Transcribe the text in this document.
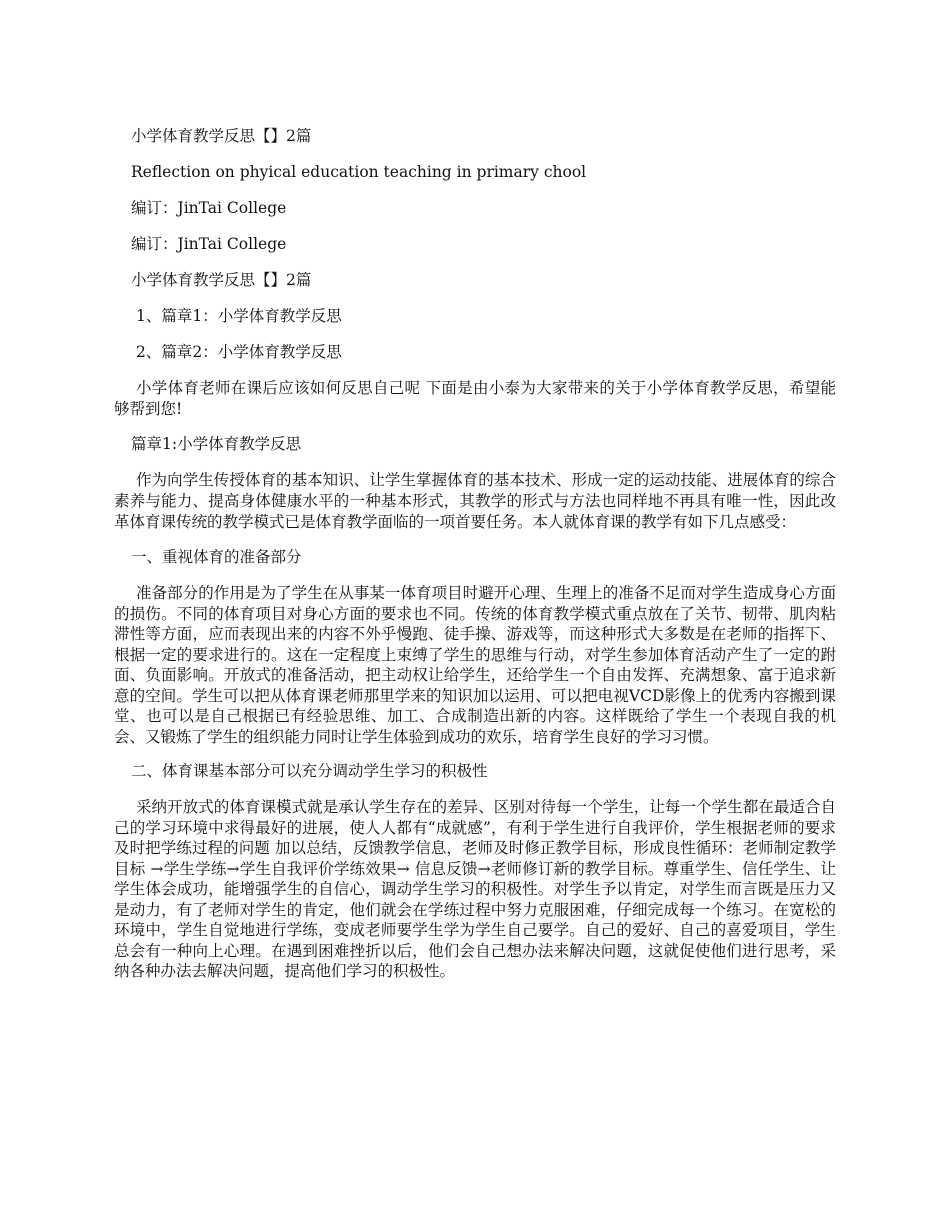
小学体育教学反思【】2篇

Reflection on phyical education teaching in primary chool

编订：JinTai College

编订：JinTai College

小学体育教学反思【】2篇

1、篇章1：小学体育教学反思

2、篇章2：小学体育教学反思

小学体育老师在课后应该如何反思自己呢 下面是由小泰为大家带来的关于小学体育教学反思，希望能够帮到您!

篇章1:小学体育教学反思

作为向学生传授体育的基本知识、让学生掌握体育的基本技术、形成一定的运动技能、进展体育的综合素养与能力、提高身体健康水平的一种基本形式，其教学的形式与方法也同样地不再具有唯一性，因此改革体育课传统的教学模式已是体育教学面临的一项首要任务。本人就体育课的教学有如下几点感受：

一、重视体育的准备部分

准备部分的作用是为了学生在从事某一体育项目时避开心理、生理上的准备不足而对学生造成身心方面的损伤。不同的体育项目对身心方面的要求也不同。传统的体育教学模式重点放在了关节、韧带、肌肉粘滞性等方面，应而表现出来的内容不外乎慢跑、徒手操、游戏等，而这种形式大多数是在老师的指挥下、根据一定的要求进行的。这在一定程度上束缚了学生的思维与行动，对学生参加体育活动产生了一定的跗面、负面影响。开放式的准备活动，把主动权让给学生，还给学生一个自由发挥、充满想象、富于追求新意的空间。学生可以把从体育课老师那里学来的知识加以运用、可以把电视VCD影像上的优秀内容搬到课堂、也可以是自己根据已有经验思维、加工、合成制造出新的内容。这样既给了学生一个表现自我的机会、又锻炼了学生的组织能力同时让学生体验到成功的欢乐，培育学生良好的学习习惯。

二、体育课基本部分可以充分调动学生学习的积极性

采纳开放式的体育课模式就是承认学生存在的差异、区别对待每一个学生，让每一个学生都在最适合自己的学习环境中求得最好的进展，使人人都有“成就感”，有利于学生进行自我评价，学生根据老师的要求及时把学练过程的问题 加以总结，反馈教学信息，老师及时修正教学目标，形成良性循环：老师制定教学目标 →学生学练→学生自我评价学练效果→ 信息反馈→老师修订新的教学目标。尊重学生、信任学生、让学生体会成功，能增强学生的自信心，调动学生学习的积极性。对学生予以肯定，对学生而言既是压力又是动力，有了老师对学生的肯定，他们就会在学练过程中努力克服困难，仔细完成每一个练习。在宽松的环境中，学生自觉地进行学练，变成老师要学生学为学生自己要学。自己的爱好、自己的喜爱项目，学生总会有一种向上心理。在遇到困难挫折以后，他们会自己想办法来解决问题，这就促使他们进行思考，采纳各种办法去解决问题，提高他们学习的积极性。
